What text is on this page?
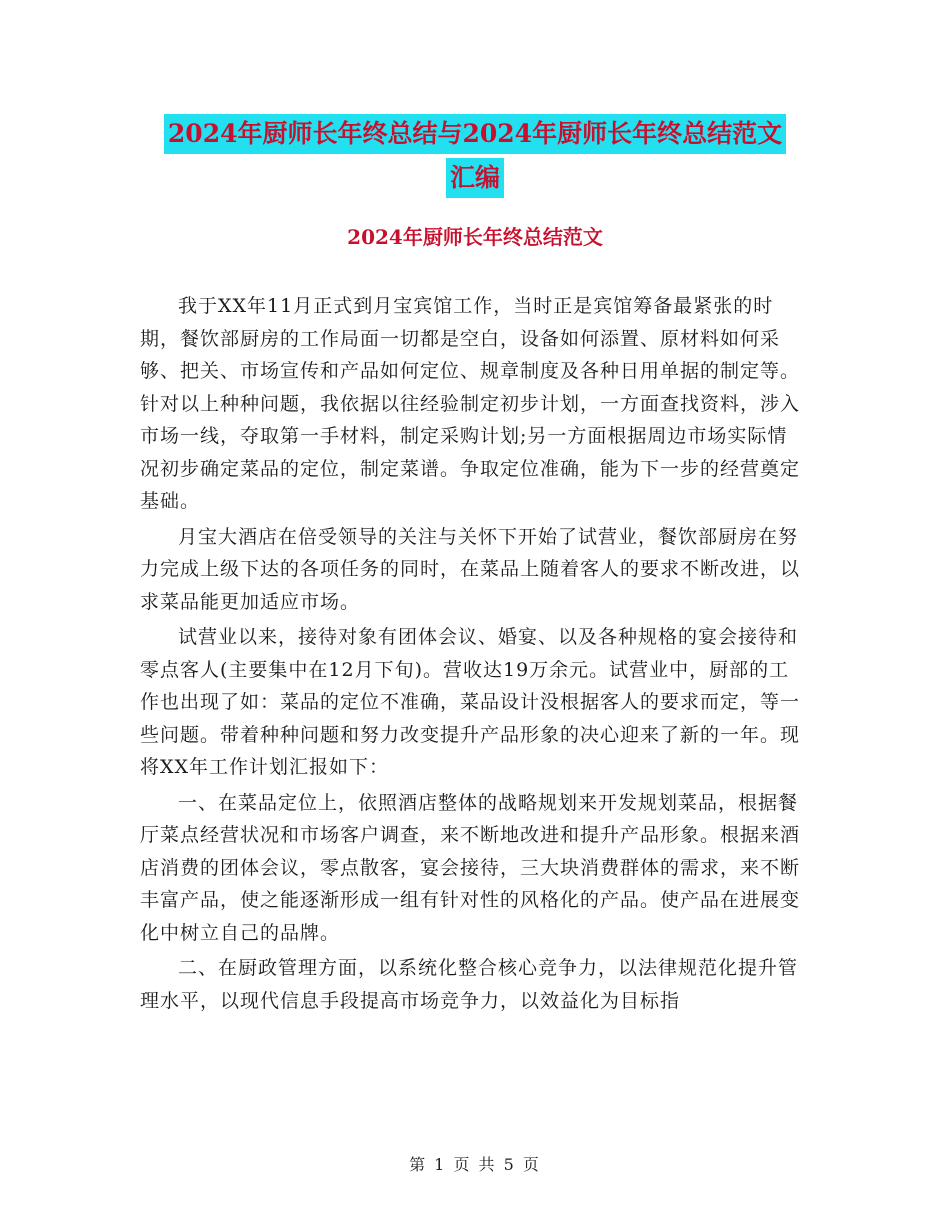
2024年厨师长年终总结与2024年厨师长年终总结范文
汇编
2024年厨师长年终总结范文

我于XX年11月正式到月宝宾馆工作，当时正是宾馆筹备最紧张的时期，餐饮部厨房的工作局面一切都是空白，设备如何添置、原材料如何采够、把关、市场宣传和产品如何定位、规章制度及各种日用单据的制定等。针对以上种种问题，我依据以往经验制定初步计划，一方面查找资料，涉入市场一线，夺取第一手材料，制定采购计划;另一方面根据周边市场实际情况初步确定菜品的定位，制定菜谱。争取定位准确，能为下一步的经营奠定基础。

月宝大酒店在倍受领导的关注与关怀下开始了试营业，餐饮部厨房在努力完成上级下达的各项任务的同时，在菜品上随着客人的要求不断改进，以求菜品能更加适应市场。

试营业以来，接待对象有团体会议、婚宴、以及各种规格的宴会接待和零点客人(主要集中在12月下旬)。营收达19万余元。试营业中，厨部的工作也出现了如：菜品的定位不准确，菜品设计没根据客人的要求而定，等一些问题。带着种种问题和努力改变提升产品形象的决心迎来了新的一年。现将XX年工作计划汇报如下：

一、在菜品定位上，依照酒店整体的战略规划来开发规划菜品，根据餐厅菜点经营状况和市场客户调查，来不断地改进和提升产品形象。根据来酒店消费的团体会议，零点散客，宴会接待，三大块消费群体的需求，来不断丰富产品，使之能逐渐形成一组有针对性的风格化的产品。使产品在进展变化中树立自己的品牌。

二、在厨政管理方面，以系统化整合核心竞争力，以法律规范化提升管理水平，以现代信息手段提高市场竞争力，以效益化为目标指

第 1 页 共 5 页
